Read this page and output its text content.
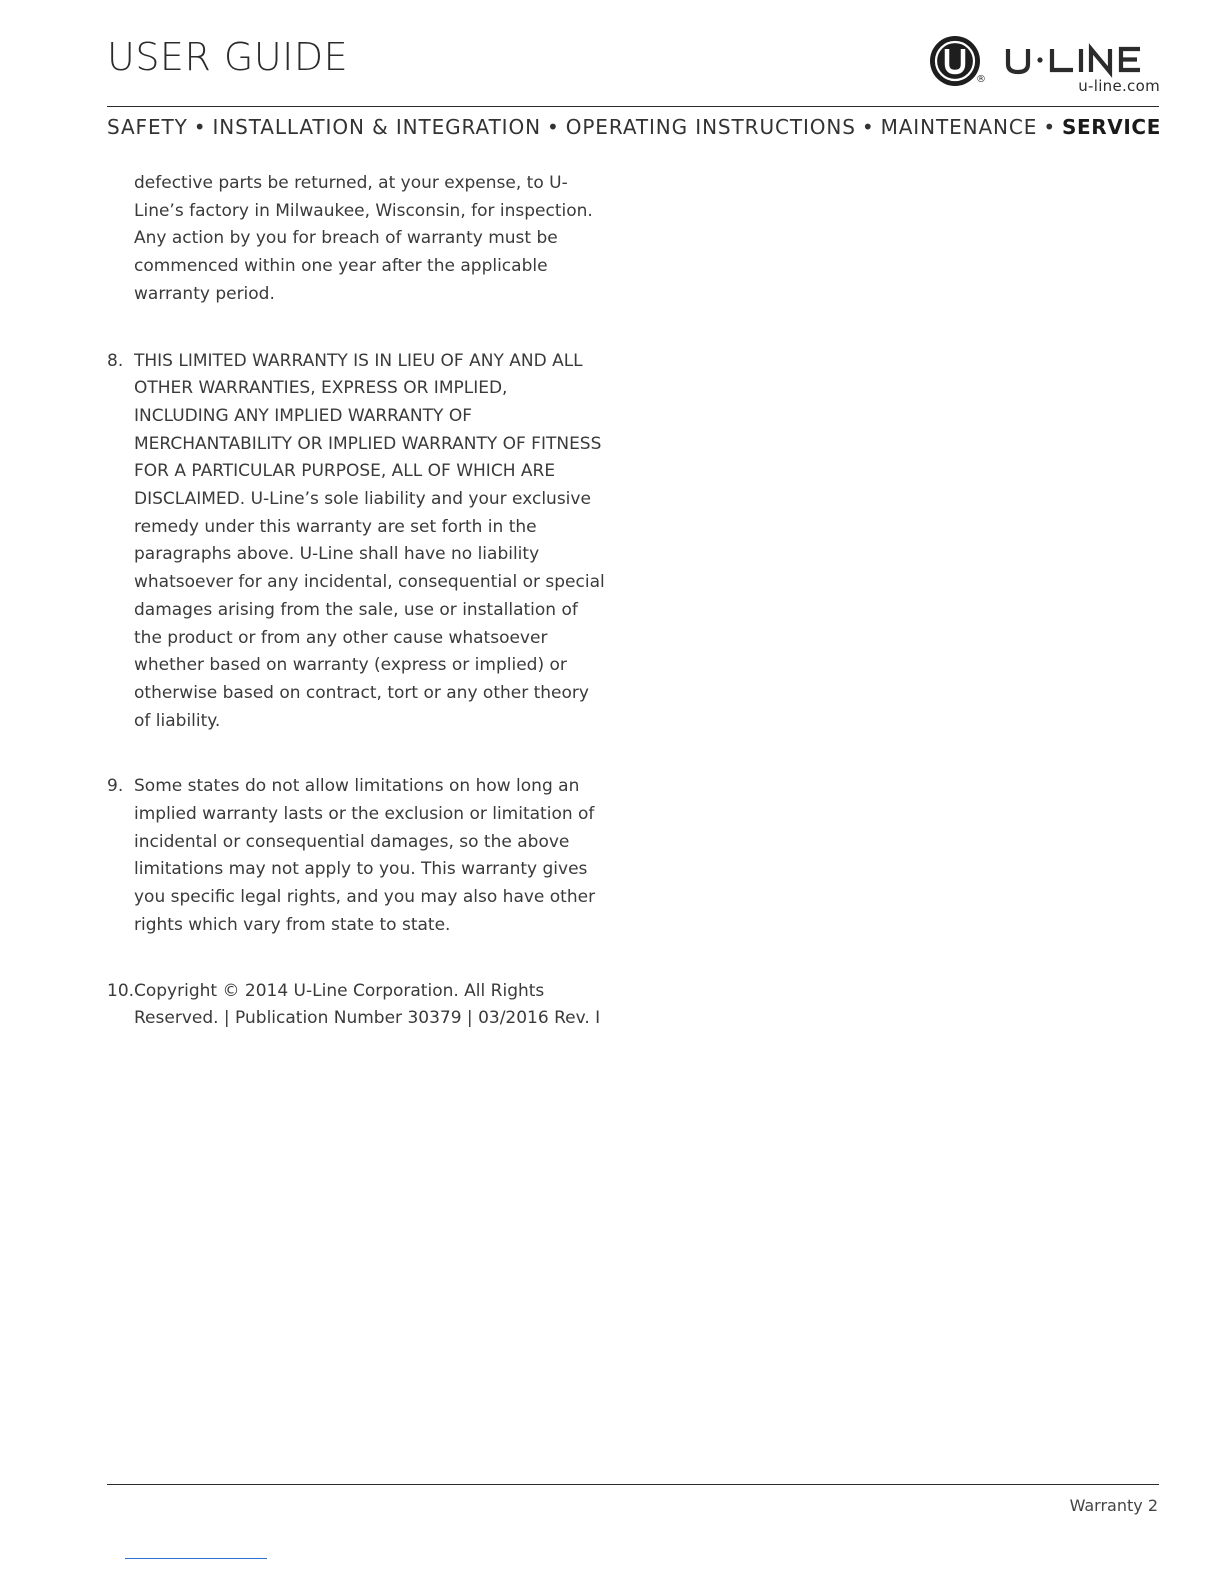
USER GUIDE
®	u-line.com
SAFETY • INSTALLATION & INTEGRATION • OPERATING INSTRUCTIONS • MAINTENANCE • SERVICE

defective parts be returned, at your expense, to U-Line’s factory in Milwaukee, Wisconsin, for inspection. Any action by you for breach of warranty must be commenced within one year after the applicable warranty period.

8. THIS LIMITED WARRANTY IS IN LIEU OF ANY AND ALL OTHER WARRANTIES, EXPRESS OR IMPLIED, INCLUDING ANY IMPLIED WARRANTY OF MERCHANTABILITY OR IMPLIED WARRANTY OF FITNESS FOR A PARTICULAR PURPOSE, ALL OF WHICH ARE DISCLAIMED. U-Line’s sole liability and your exclusive remedy under this warranty are set forth in the paragraphs above. U-Line shall have no liability whatsoever for any incidental, consequential or special damages arising from the sale, use or installation of the product or from any other cause whatsoever whether based on warranty (express or implied) or otherwise based on contract, tort or any other theory of liability.

9. Some states do not allow limitations on how long an implied warranty lasts or the exclusion or limitation of incidental or consequential damages, so the above limitations may not apply to you. This warranty gives you specific legal rights, and you may also have other rights which vary from state to state.

10. Copyright © 2014 U-Line Corporation. All Rights Reserved. | Publication Number 30379 | 03/2016 Rev. I

Warranty 2
